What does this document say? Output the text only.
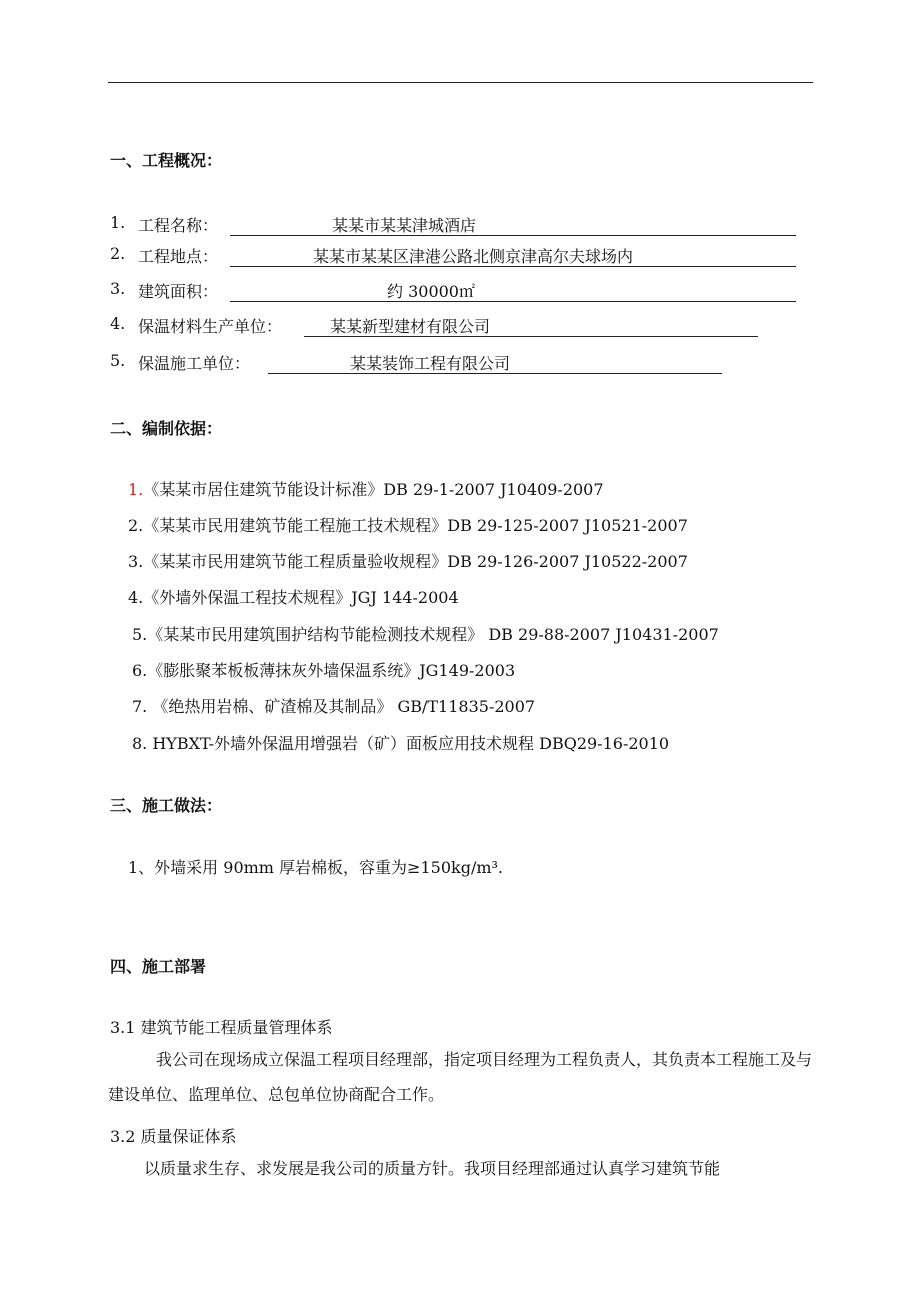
一、工程概况：
1. 工程名称：	某某市某某津城酒店
2. 工程地点：	某某市某某区津港公路北侧京津高尔夫球场内
3. 建筑面积：	约 30000㎡
4. 保温材料生产单位：	某某新型建材有限公司
5. 保温施工单位：	某某装饰工程有限公司
二、编制依据：
1.《某某市居住建筑节能设计标准》DB 29-1-2007 J10409-2007
2.《某某市民用建筑节能工程施工技术规程》DB 29-125-2007 J10521-2007
3.《某某市民用建筑节能工程质量验收规程》DB 29-126-2007 J10522-2007
4.《外墙外保温工程技术规程》JGJ 144-2004
5.《某某市民用建筑围护结构节能检测技术规程》 DB 29-88-2007 J10431-2007
6.《膨胀聚苯板板薄抹灰外墙保温系统》JG149-2003
7. 《绝热用岩棉、矿渣棉及其制品》 GB/T11835-2007
8. HYBXT-外墙外保温用增强岩（矿）面板应用技术规程 DBQ29-16-2010
三、施工做法：
1、外墙采用 90mm 厚岩棉板，容重为≥150kg/m³.
四、施工部署
3.1 建筑节能工程质量管理体系
我公司在现场成立保温工程项目经理部，指定项目经理为工程负责人，其负责本工程施工及与建设单位、监理单位、总包单位协商配合工作。
3.2 质量保证体系
以质量求生存、求发展是我公司的质量方针。我项目经理部通过认真学习建筑节能
